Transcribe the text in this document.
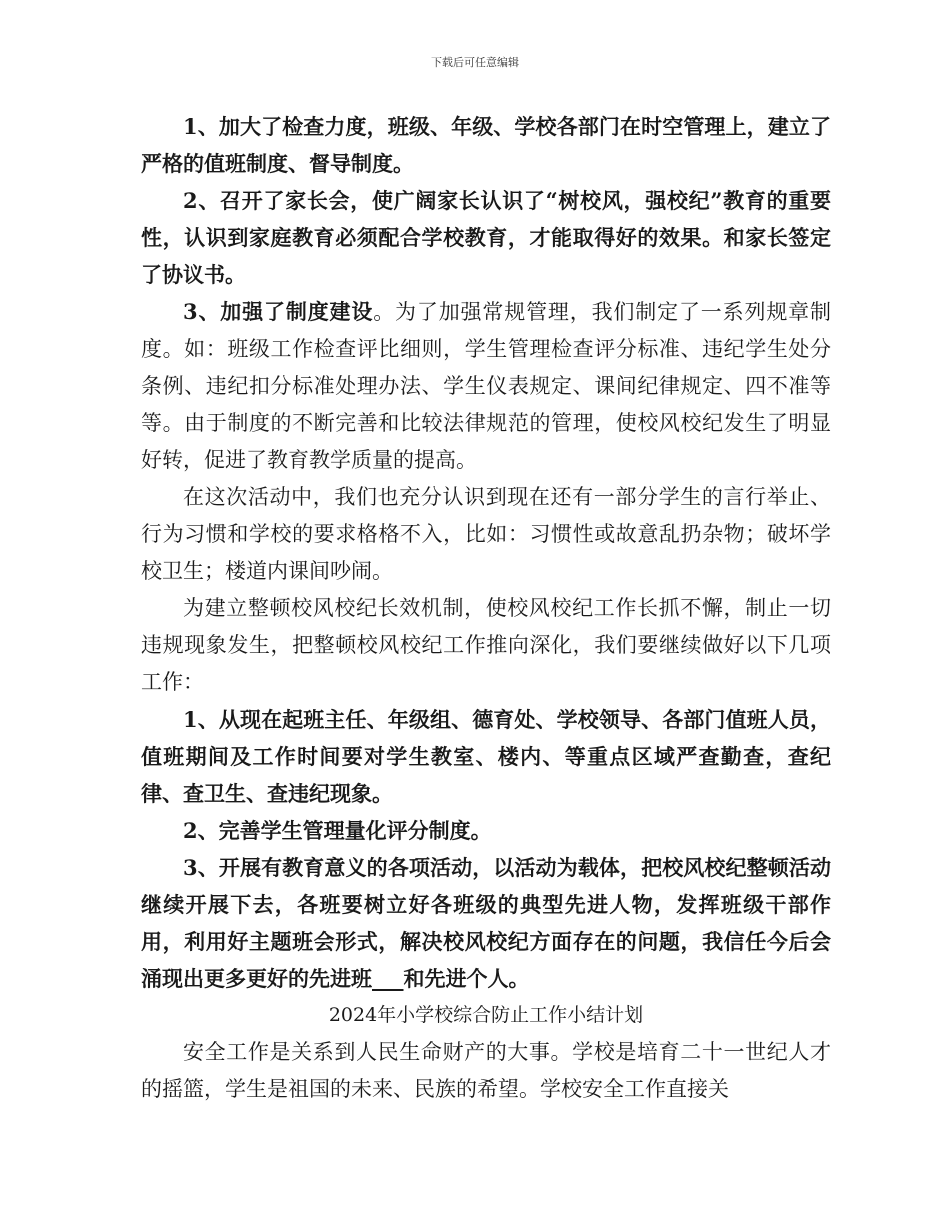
下载后可任意编辑

1、加大了检查力度，班级、年级、学校各部门在时空管理上，建立了严格的值班制度、督导制度。

2、召开了家长会，使广阔家长认识了“树校风，强校纪”教育的重要性，认识到家庭教育必须配合学校教育，才能取得好的效果。和家长签定了协议书。

3、加强了制度建设。为了加强常规管理，我们制定了一系列规章制度。如：班级工作检查评比细则，学生管理检查评分标准、违纪学生处分条例、违纪扣分标准处理办法、学生仪表规定、课间纪律规定、四不准等等。由于制度的不断完善和比较法律规范的管理，使校风校纪发生了明显好转，促进了教育教学质量的提高。

在这次活动中，我们也充分认识到现在还有一部分学生的言行举止、行为习惯和学校的要求格格不入，比如：习惯性或故意乱扔杂物；破坏学校卫生；楼道内课间吵闹。

为建立整顿校风校纪长效机制，使校风校纪工作长抓不懈，制止一切违规现象发生，把整顿校风校纪工作推向深化，我们要继续做好以下几项工作：

1、从现在起班主任、年级组、德育处、学校领导、各部门值班人员，值班期间及工作时间要对学生教室、楼内、等重点区域严查勤查，查纪律、查卫生、查违纪现象。

2、完善学生管理量化评分制度。

3、开展有教育意义的各项活动，以活动为载体，把校风校纪整顿活动继续开展下去，各班要树立好各班级的典型先进人物，发挥班级干部作用，利用好主题班会形式，解决校风校纪方面存在的问题，我信任今后会涌现出更多更好的先进班___和先进个人。

2024年小学校综合防止工作小结计划

安全工作是关系到人民生命财产的大事。学校是培育二十一世纪人才的摇篮，学生是祖国的未来、民族的希望。学校安全工作直接关
